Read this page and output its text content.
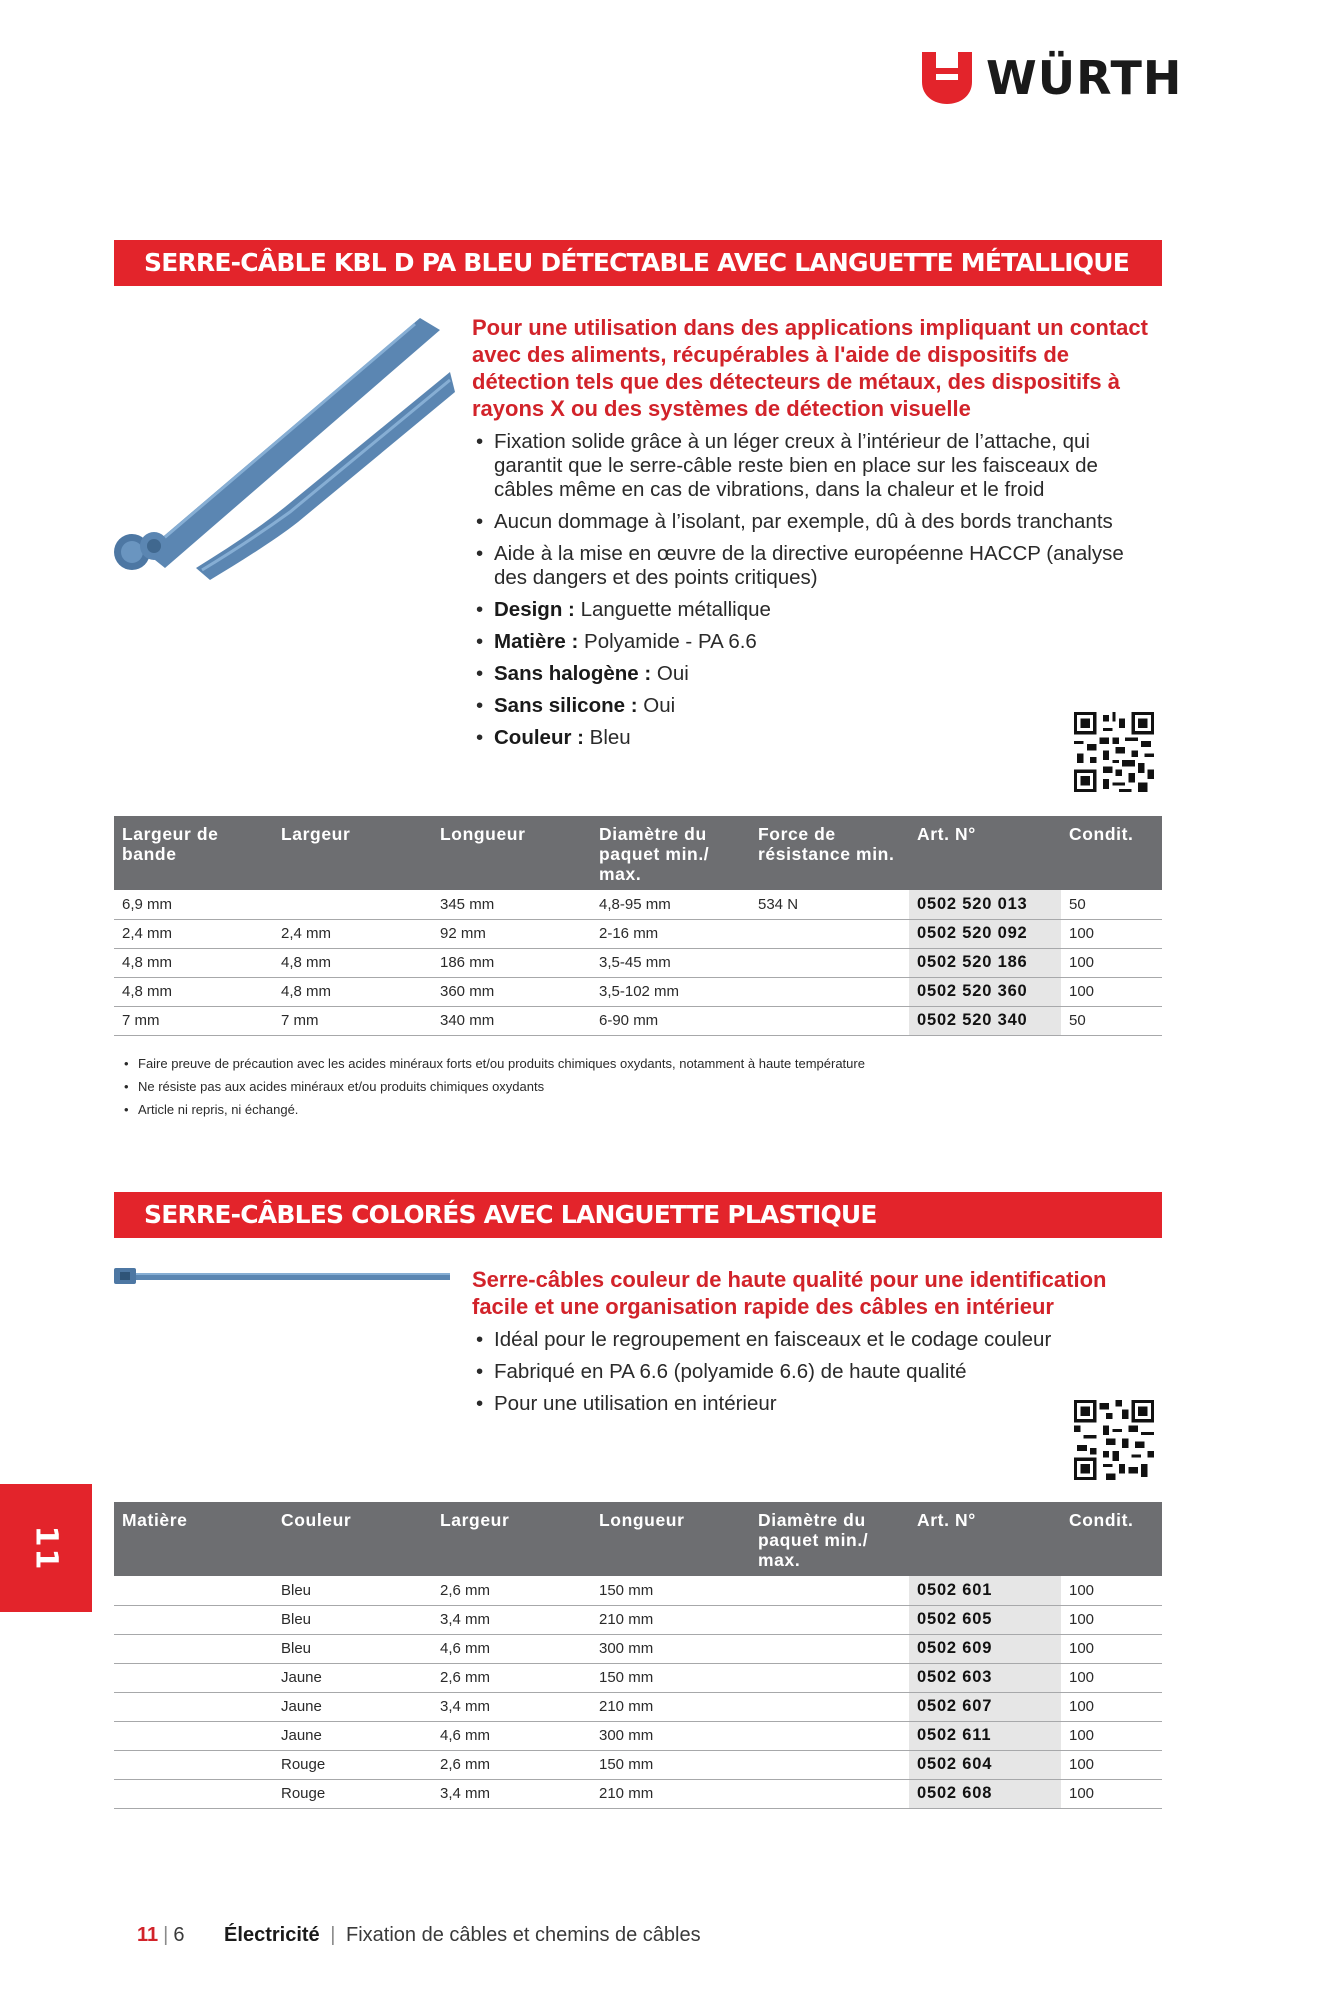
WÜRTH
SERRE-CÂBLE KBL D PA BLEU DÉTECTABLE AVEC LANGUETTE MÉTALLIQUE

Pour une utilisation dans des applications impliquant un contact avec des aliments, récupérables à l'aide de dispositifs de détection tels que des détecteurs de métaux, des dispositifs à rayons X ou des systèmes de détection visuelle

• Fixation solide grâce à un léger creux à l’intérieur de l’attache, qui garantit que le serre-câble reste bien en place sur les faisceaux de câbles même en cas de vibrations, dans la chaleur et le froid
• Aucun dommage à l’isolant, par exemple, dû à des bords tranchants
• Aide à la mise en œuvre de la directive européenne HACCP (analyse des dangers et des points critiques)
• Design : Languette métallique
• Matière : Polyamide - PA 6.6
• Sans halogène : Oui
• Sans silicone : Oui
• Couleur : Bleu
Largeur de bande	Largeur	Longueur	Diamètre du paquet min./ max.	Force de résistance min.	Art. N°	Condit.
6,9 mm		345 mm	4,8-95 mm	534 N	0502 520 013	50
2,4 mm	2,4 mm	92 mm	2-16 mm		0502 520 092	100
4,8 mm	4,8 mm	186 mm	3,5-45 mm		0502 520 186	100
4,8 mm	4,8 mm	360 mm	3,5-102 mm		0502 520 360	100
7 mm	7 mm	340 mm	6-90 mm		0502 520 340	50
• Faire preuve de précaution avec les acides minéraux forts et/ou produits chimiques oxydants, notamment à haute température
• Ne résiste pas aux acides minéraux et/ou produits chimiques oxydants
• Article ni repris, ni échangé.
SERRE-CÂBLES COLORÉS AVEC LANGUETTE PLASTIQUE

Serre-câbles couleur de haute qualité pour une identification facile et une organisation rapide des câbles en intérieur

• Idéal pour le regroupement en faisceaux et le codage couleur
• Fabriqué en PA 6.6 (polyamide 6.6) de haute qualité
• Pour une utilisation en intérieur
Matière	Couleur	Largeur	Longueur	Diamètre du paquet min./ max.	Art. N°	Condit.
	Bleu	2,6 mm	150 mm		0502 601	100
	Bleu	3,4 mm	210 mm		0502 605	100
	Bleu	4,6 mm	300 mm		0502 609	100
	Jaune	2,6 mm	150 mm		0502 603	100
	Jaune	3,4 mm	210 mm		0502 607	100
	Jaune	4,6 mm	300 mm		0502 611	100
	Rouge	2,6 mm	150 mm		0502 604	100
	Rouge	3,4 mm	210 mm		0502 608	100
11
11 | 6 Électricité | Fixation de câbles et chemins de câbles
